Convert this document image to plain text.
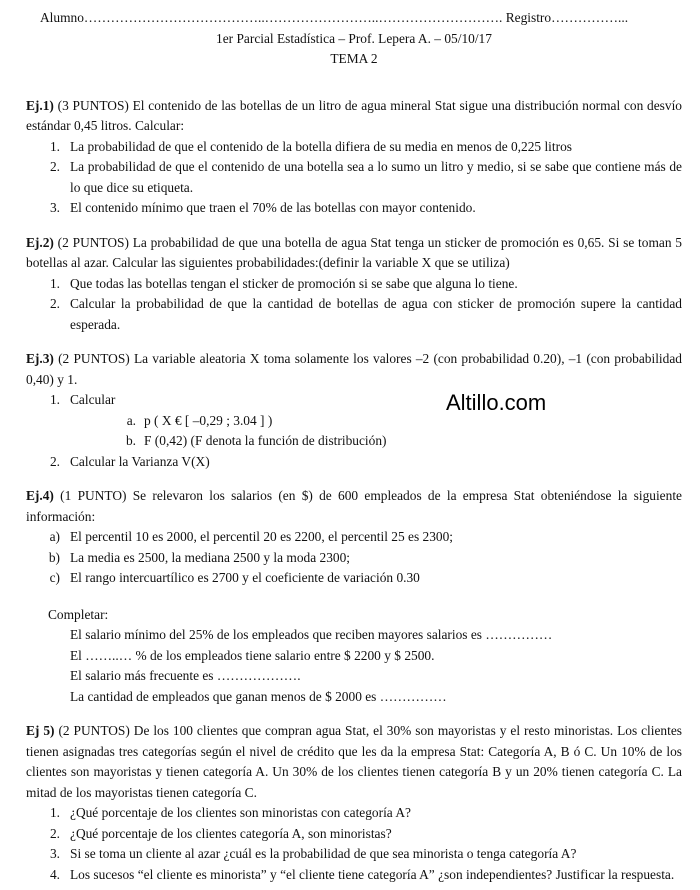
Alumno…………………………………..……………………..………………………. Registro……………...
1er Parcial Estadística – Prof. Lepera A. – 05/10/17
TEMA 2

Ej.1) (3 PUNTOS) El contenido de las botellas de un litro de agua mineral Stat sigue una distribución normal con desvío estándar 0,45 litros. Calcular:

1. La probabilidad de que el contenido de la botella difiera de su media en menos de 0,225 litros
2. La probabilidad de que el contenido de una botella sea a lo sumo un litro y medio, si se sabe que contiene más de lo que dice su etiqueta.
3. El contenido mínimo que traen el 70% de las botellas con mayor contenido.

Ej.2) (2 PUNTOS) La probabilidad de que una botella de agua Stat tenga un sticker de promoción es 0,65. Si se toman 5 botellas al azar. Calcular las siguientes probabilidades:(definir la variable X que se utiliza)

1. Que todas las botellas tengan el sticker de promoción si se sabe que alguna lo tiene.
2. Calcular la probabilidad de que la cantidad de botellas de agua con sticker de promoción supere la cantidad esperada.

Ej.3) (2 PUNTOS) La variable aleatoria X toma solamente los valores –2 (con probabilidad 0.20), –1 (con probabilidad 0,40) y 1.

1. Calcular
a. p ( X € [ –0,29 ; 3.04 ] )
b. F (0,42) (F denota la función de distribución)
2. Calcular la Varianza V(X)

Ej.4) (1 PUNTO) Se relevaron los salarios (en $) de 600 empleados de la empresa Stat obteniéndose la siguiente información:

a) El percentil 10 es 2000, el percentil 20 es 2200, el percentil 25 es 2300;
b) La media es 2500, la mediana 2500 y la moda 2300;
c) El rango intercuartílico es 2700 y el coeficiente de variación 0.30
Completar:
El salario mínimo del 25% de los empleados que reciben mayores salarios es ……………
El ……..… % de los empleados tiene salario entre $ 2200 y $ 2500.
El salario más frecuente es ……………….
La cantidad de empleados que ganan menos de $ 2000 es ……………

Ej 5) (2 PUNTOS) De los 100 clientes que compran agua Stat, el 30% son mayoristas y el resto minoristas. Los clientes tienen asignadas tres categorías según el nivel de crédito que les da la empresa Stat: Categoría A, B ó C. Un 10% de los clientes son mayoristas y tienen categoría A. Un 30% de los clientes tienen categoría B y un 20% tienen categoría C. La mitad de los mayoristas tienen categoría C.

1. ¿Qué porcentaje de los clientes son minoristas con categoría A?
2. ¿Qué porcentaje de los clientes categoría A, son minoristas?
3. Si se toma un cliente al azar ¿cuál es la probabilidad de que sea minorista o tenga categoría A?
4. Los sucesos “el cliente es minorista” y “el cliente tiene categoría A” ¿son independientes? Justificar la respuesta.
Altillo.com
